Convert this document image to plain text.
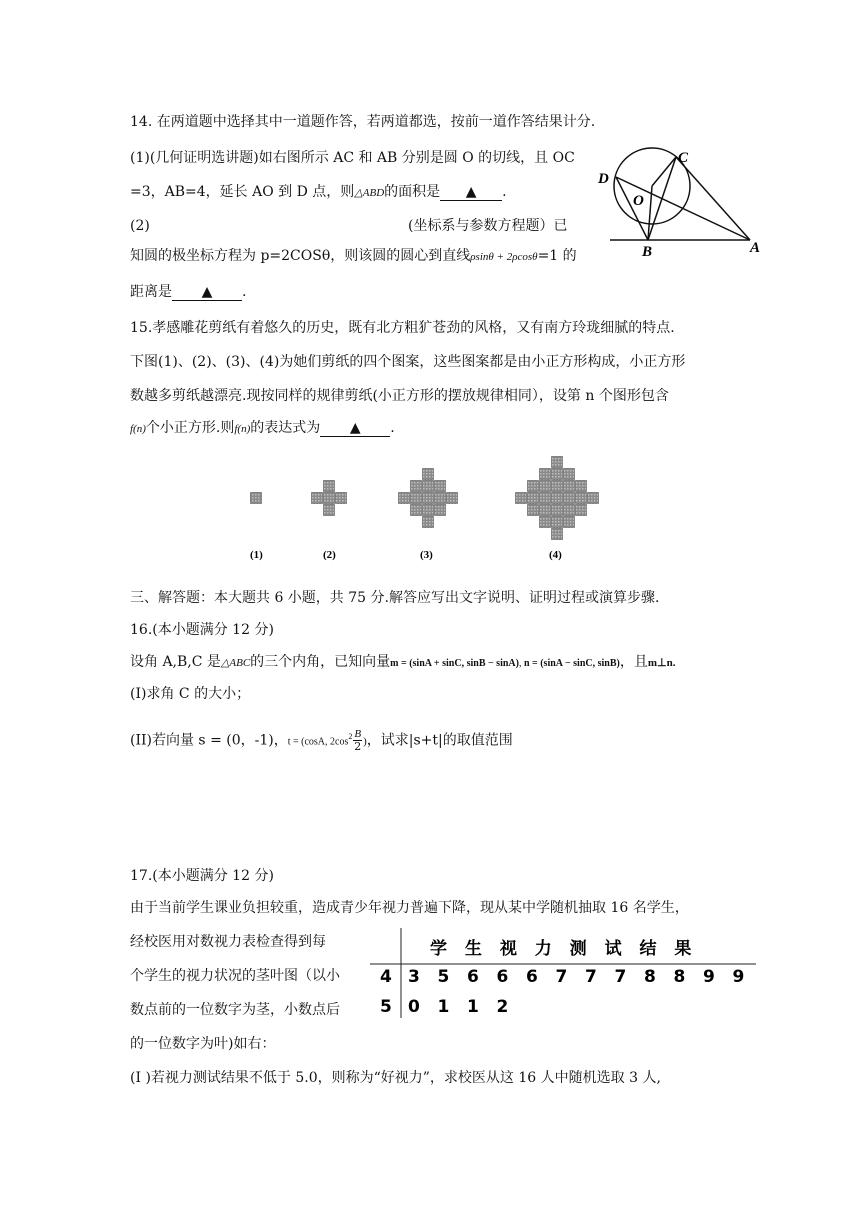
14. 在两道题中选择其中一道题作答，若两道都选，按前一道作答结果计分.
(1)(几何证明选讲题)如右图所示 AC 和 AB 分别是圆 O 的切线，且 OC
=3，AB=4，延长 AO 到 D 点，则△ABD的面积是 ▲ .
(2)	(坐标系与参数方程题）已
知圆的极坐标方程为 p=2COSθ，则该圆的圆心到直线ρsinθ + 2ρcosθ=1 的
距离是 ▲ .
C
D
O
B	A
15.孝感雕花剪纸有着悠久的历史，既有北方粗犷苍劲的风格，又有南方玲珑细腻的特点.
下图(1)、(2)、(3)、(4)为她们剪纸的四个图案，这些图案都是由小正方形构成，小正方形
数越多剪纸越漂亮.现按同样的规律剪纸(小正方形的摆放规律相同），设第 n 个图形包含
f(n)个小正方形.则f(n)的表达式为 ▲ .
(1)	(2)	(3)	(4)
三、解答题：本大题共 6 小题，共 75 分.解答应写出文字说明、证明过程或演算步骤.
16.(本小题满分 12 分)
设角 A,B,C 是△ABC的三个内角，已知向量m = (sinA + sinC, sinB − sinA), n = (sinA − sinC, sinB)，且m⊥n.
(I)求角 C 的大小；
(II)若向量 s = (0，-1)，t = (cosA, $2\cos^2 \frac{B}{2}$ )，试求|s+t|的取值范围
17.(本小题满分 12 分)
由于当前学生课业负担较重，造成青少年视力普遍下降，现从某中学随机抽取 16 名学生，
经校医用对数视力表检查得到每
个学生的视力状况的茎叶图（以小
数点前的一位数字为茎，小数点后
的一位数字为叶)如右：
(I )若视力测试结果不低于 5.0，则称为“好视力”，求校医从这 16 人中随机选取 3 人,
学 生 视 力 测 试 结 果
4 3 5 6 6 6 7 7 7 8 8 9 9
5 0 1 1 2
